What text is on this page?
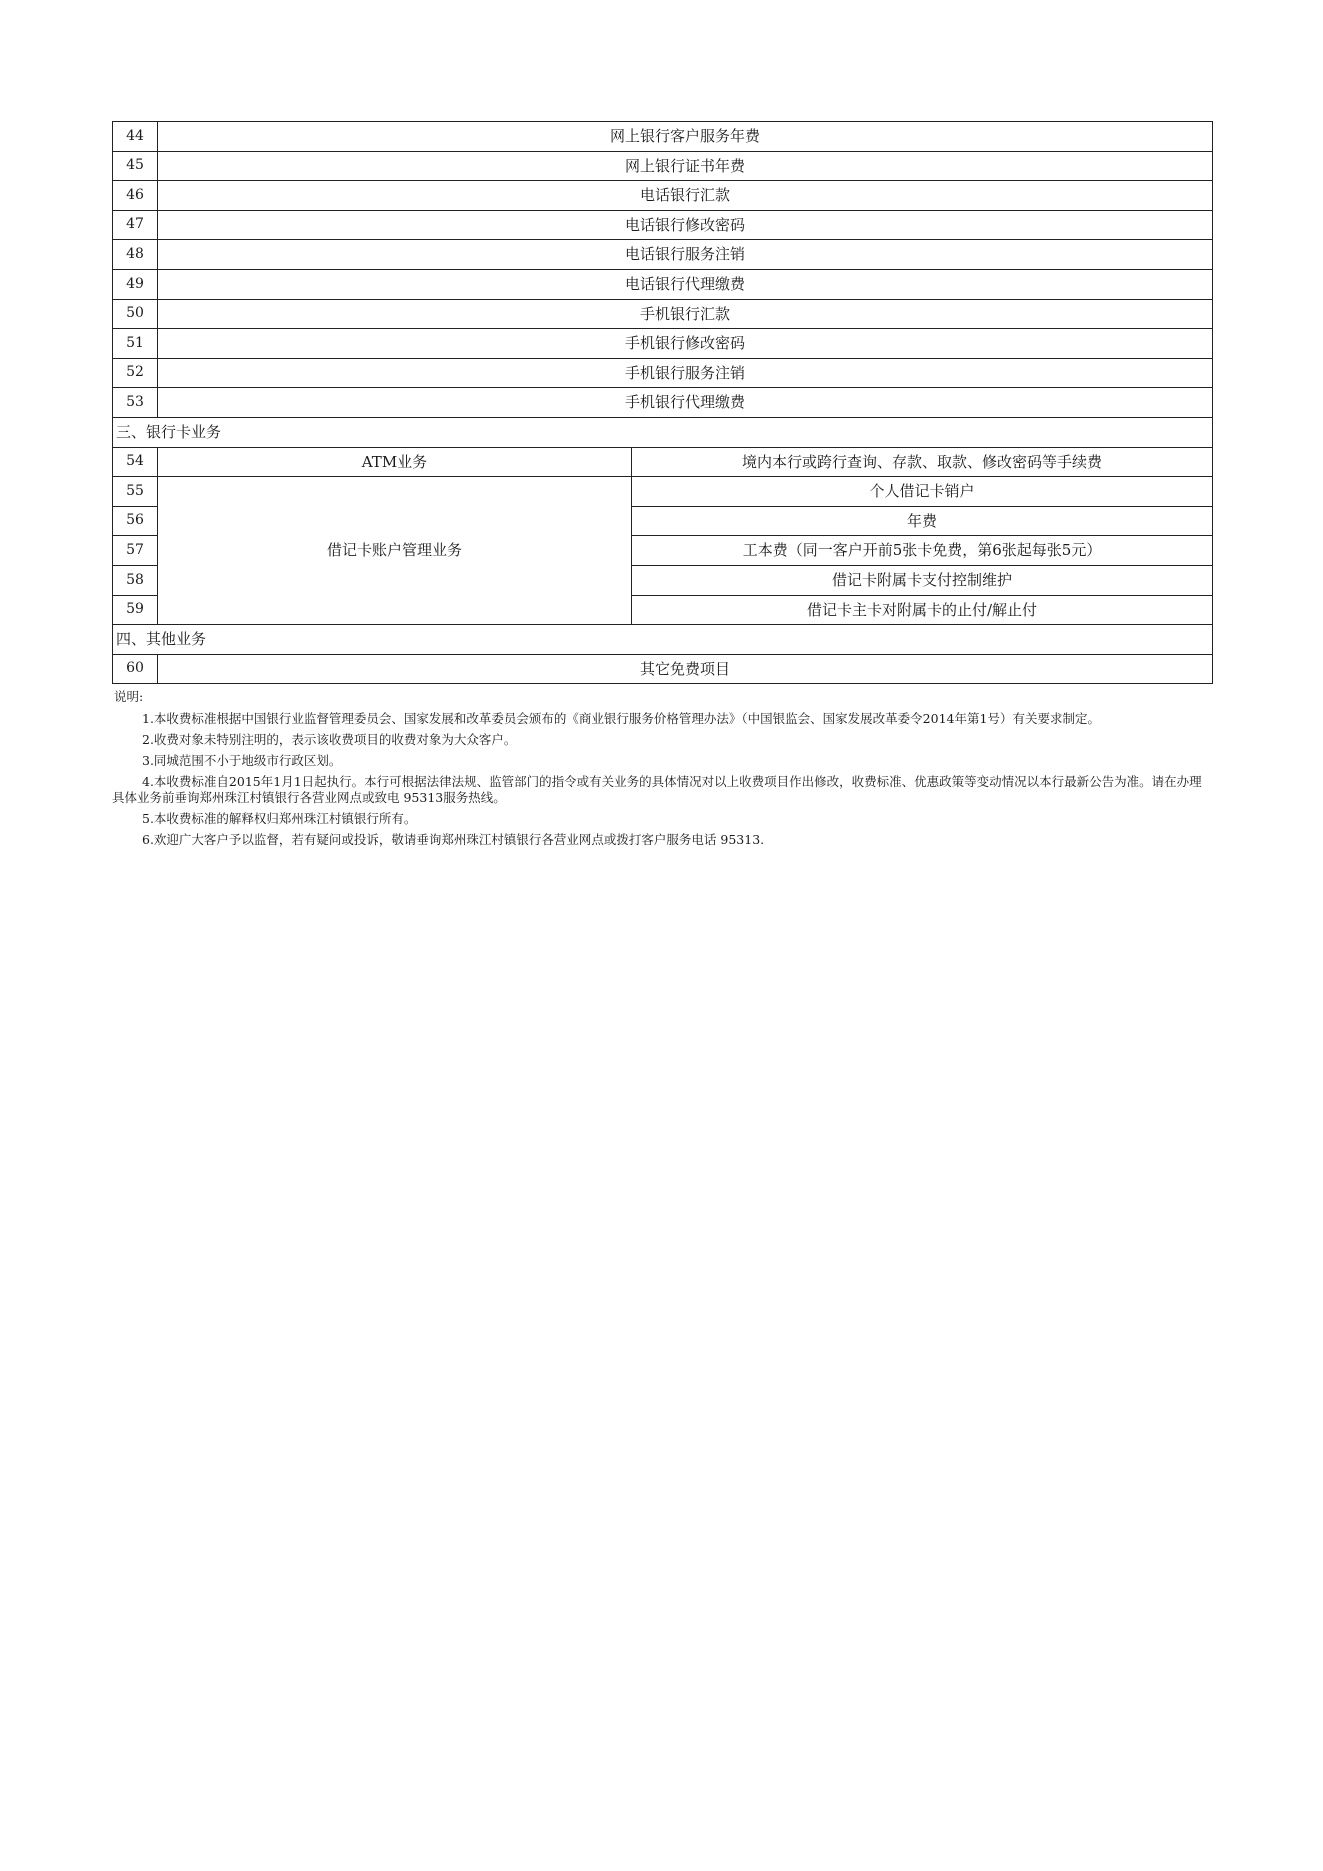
44	网上银行客户服务年费	
45	网上银行证书年费	
46	电话银行汇款	
47	电话银行修改密码	
48	电话银行服务注销	
49	电话银行代理缴费	
50	手机银行汇款	
51	手机银行修改密码	
52	手机银行服务注销	
53	手机银行代理缴费	
三、银行卡业务		
54	ATM业务	境内本行或跨行查询、存款、取款、修改密码等手续费
55	借记卡账户管理业务	个人借记卡销户
56		年费
57		工本费（同一客户开前5张卡免费，第6张起每张5元）
58		借记卡附属卡支付控制维护
59		借记卡主卡对附属卡的止付/解止付
四、其他业务		
60	其它免费项目	
说明:
1.本收费标准根据中国银行业监督管理委员会、国家发展和改革委员会颁布的《商业银行服务价格管理办法》（中国银监会、国家发展改革委令2014年第1号）有关要求制定。
2.收费对象未特别注明的，表示该收费项目的收费对象为大众客户。
3.同城范围不小于地级市行政区划。
4.本收费标准自2015年1月1日起执行。本行可根据法律法规、监管部门的指令或有关业务的具体情况对以上收费项目作出修改，收费标准、优惠政策等变动情况以本行最新公告为准。请在办理具体业务前垂询郑州珠江村镇银行各营业网点或致电 95313服务热线。
5.本收费标准的解释权归郑州珠江村镇银行所有。
6.欢迎广大客户予以监督，若有疑问或投诉，敬请垂询郑州珠江村镇银行各营业网点或拨打客户服务电话 95313.
